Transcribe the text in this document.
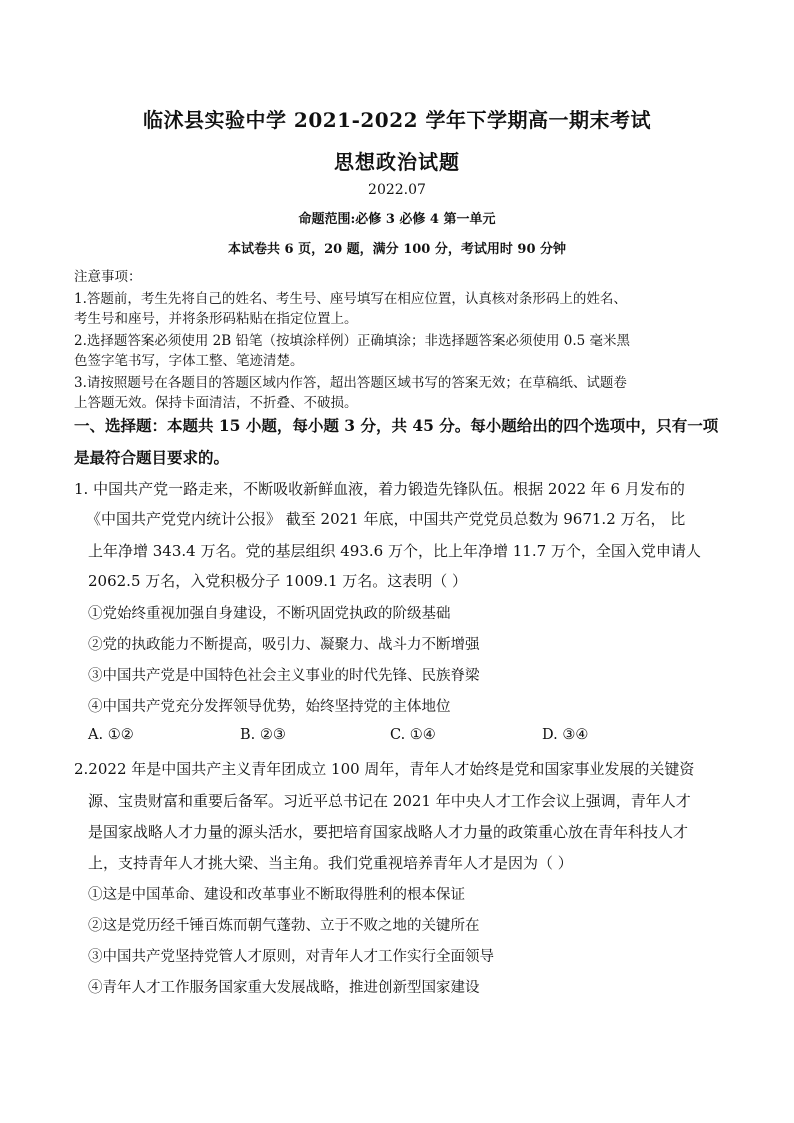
临沭县实验中学 2021-2022 学年下学期高一期末考试
思想政治试题
2022.07
命题范围:必修 3 必修 4 第一单元
本试卷共 6 页，20 题，满分 100 分，考试用时 90 分钟
注意事项：
1.答题前，考生先将自己的姓名、考生号、座号填写在相应位置，认真核对条形码上的姓名、
考生号和座号，并将条形码粘贴在指定位置上。
2.选择题答案必须使用 2B 铅笔（按填涂样例）正确填涂；非选择题答案必须使用 0.5 毫米黑
色签字笔书写，字体工整、笔迹清楚。
3.请按照题号在各题目的答题区域内作答，超出答题区域书写的答案无效；在草稿纸、试题卷
上答题无效。保持卡面清洁，不折叠、不破损。
一、选择题：本题共 15 小题，每小题 3 分，共 45 分。每小题给出的四个选项中，只有一项
是最符合题目要求的。
1. 中国共产党一路走来，不断吸收新鲜血液，着力锻造先锋队伍。根据 2022 年 6 月发布的
《中国共产党党内统计公报》 截至 2021 年底，中国共产党党员总数为 9671.2 万名， 比
上年净增 343.4 万名。党的基层组织 493.6 万个，比上年净增 11.7 万个，全国入党申请人
2062.5 万名，入党积极分子 1009.1 万名。这表明（ ）
①党始终重视加强自身建设，不断巩固党执政的阶级基础
②党的执政能力不断提高，吸引力、凝聚力、战斗力不断增强
③中国共产党是中国特色社会主义事业的时代先锋、民族脊梁
④中国共产党充分发挥领导优势，始终坚持党的主体地位
A. ①②	B. ②③	C. ①④	D. ③④
2.2022 年是中国共产主义青年团成立 100 周年，青年人才始终是党和国家事业发展的关键资
源、宝贵财富和重要后备军。习近平总书记在 2021 年中央人才工作会议上强调，青年人才
是国家战略人才力量的源头活水，要把培育国家战略人才力量的政策重心放在青年科技人才
上，支持青年人才挑大梁、当主角。我们党重视培养青年人才是因为（ ）
①这是中国革命、建设和改革事业不断取得胜利的根本保证
②这是党历经千锤百炼而朝气蓬勃、立于不败之地的关键所在
③中国共产党坚持党管人才原则，对青年人才工作实行全面领导
④青年人才工作服务国家重大发展战略，推进创新型国家建设
